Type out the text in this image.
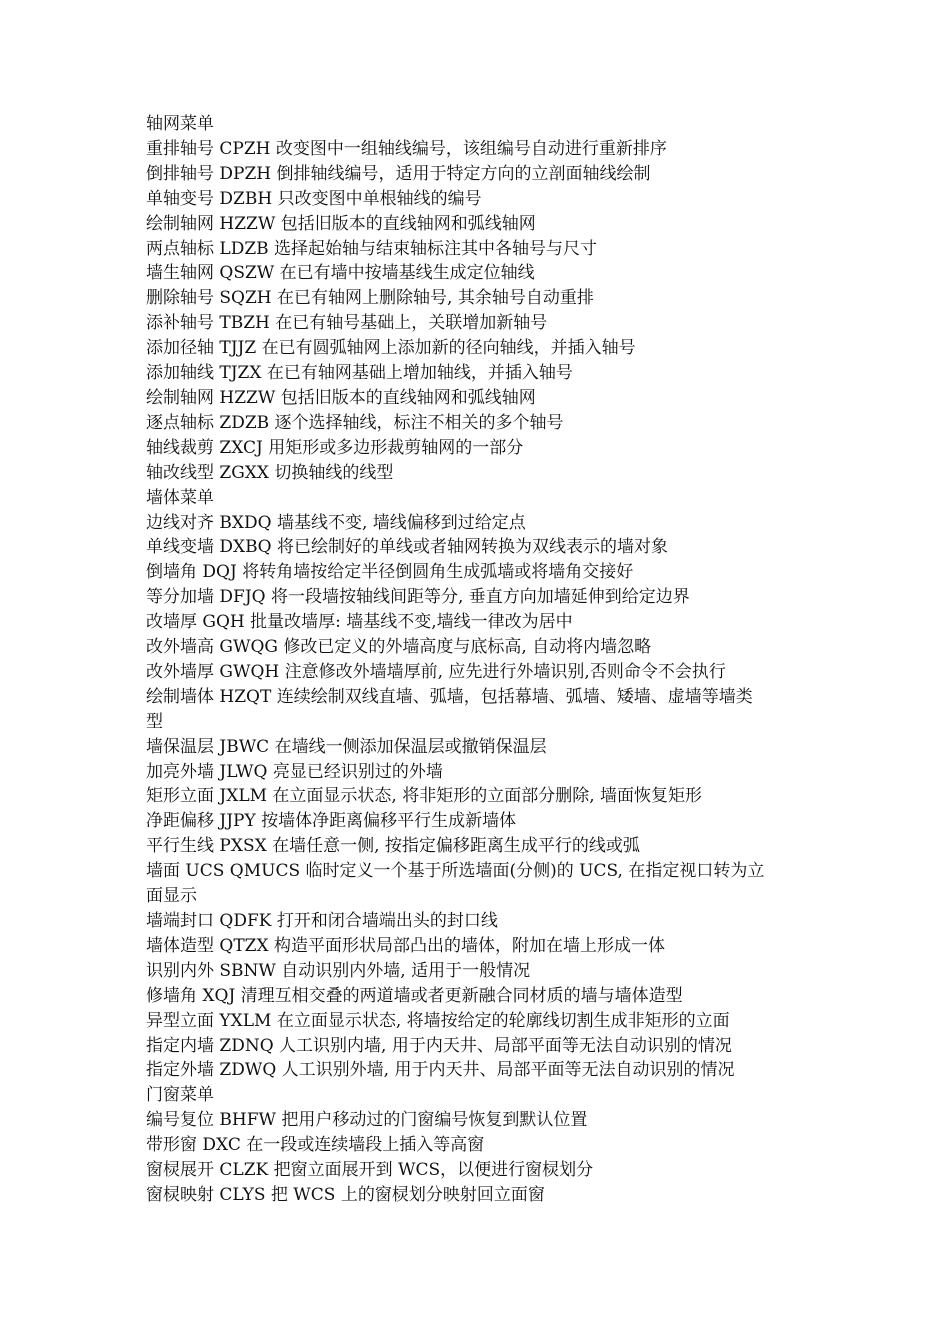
轴网菜单
重排轴号 CPZH 改变图中一组轴线编号，该组编号自动进行重新排序
倒排轴号 DPZH 倒排轴线编号，适用于特定方向的立剖面轴线绘制
单轴变号 DZBH 只改变图中单根轴线的编号
绘制轴网 HZZW 包括旧版本的直线轴网和弧线轴网
两点轴标 LDZB 选择起始轴与结束轴标注其中各轴号与尺寸
墙生轴网 QSZW 在已有墙中按墙基线生成定位轴线
删除轴号 SQZH 在已有轴网上删除轴号, 其余轴号自动重排
添补轴号 TBZH 在已有轴号基础上，关联增加新轴号
添加径轴 TJJZ 在已有圆弧轴网上添加新的径向轴线，并插入轴号
添加轴线 TJZX 在已有轴网基础上增加轴线，并插入轴号
绘制轴网 HZZW 包括旧版本的直线轴网和弧线轴网
逐点轴标 ZDZB 逐个选择轴线，标注不相关的多个轴号
轴线裁剪 ZXCJ 用矩形或多边形裁剪轴网的一部分
轴改线型 ZGXX 切换轴线的线型
墙体菜单
边线对齐 BXDQ 墙基线不变, 墙线偏移到过给定点
单线变墙 DXBQ 将已绘制好的单线或者轴网转换为双线表示的墙对象
倒墙角 DQJ 将转角墙按给定半径倒圆角生成弧墙或将墙角交接好
等分加墙 DFJQ 将一段墙按轴线间距等分, 垂直方向加墙延伸到给定边界
改墙厚 GQH 批量改墙厚: 墙基线不变,墙线一律改为居中
改外墙高 GWQG 修改已定义的外墙高度与底标高, 自动将内墙忽略
改外墙厚 GWQH 注意修改外墙墙厚前, 应先进行外墙识别,否则命令不会执行
绘制墙体 HZQT 连续绘制双线直墙、弧墙，包括幕墙、弧墙、矮墙、虚墙等墙类
型
墙保温层 JBWC 在墙线一侧添加保温层或撤销保温层
加亮外墙 JLWQ 亮显已经识别过的外墙
矩形立面 JXLM 在立面显示状态, 将非矩形的立面部分删除, 墙面恢复矩形
净距偏移 JJPY 按墙体净距离偏移平行生成新墙体
平行生线 PXSX 在墙任意一侧, 按指定偏移距离生成平行的线或弧
墙面 UCS QMUCS 临时定义一个基于所选墙面(分侧)的 UCS, 在指定视口转为立
面显示
墙端封口 QDFK 打开和闭合墙端出头的封口线
墙体造型 QTZX 构造平面形状局部凸出的墙体，附加在墙上形成一体
识别内外 SBNW 自动识别内外墙, 适用于一般情况
修墙角 XQJ 清理互相交叠的两道墙或者更新融合同材质的墙与墙体造型
异型立面 YXLM 在立面显示状态, 将墙按给定的轮廓线切割生成非矩形的立面
指定内墙 ZDNQ 人工识别内墙, 用于内天井、局部平面等无法自动识别的情况
指定外墙 ZDWQ 人工识别外墙, 用于内天井、局部平面等无法自动识别的情况
门窗菜单
编号复位 BHFW 把用户移动过的门窗编号恢复到默认位置
带形窗 DXC 在一段或连续墙段上插入等高窗
窗棂展开 CLZK 把窗立面展开到 WCS，以便进行窗棂划分
窗棂映射 CLYS 把 WCS 上的窗棂划分映射回立面窗
